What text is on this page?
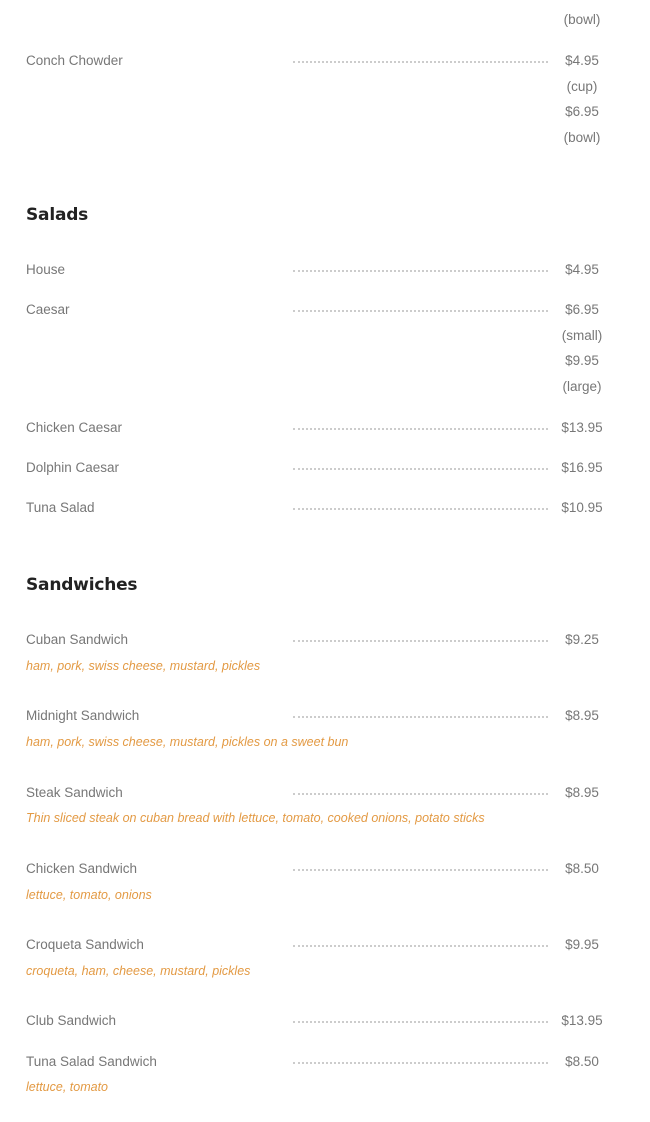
(bowl)
Conch Chowder	$4.95
(cup)
$6.95
(bowl)
Salads
House	$4.95
Caesar	$6.95
(small)
$9.95
(large)
Chicken Caesar	$13.95
Dolphin Caesar	$16.95
Tuna Salad	$10.95
Sandwiches
Cuban Sandwich	$9.25
ham, pork, swiss cheese, mustard, pickles
Midnight Sandwich	$8.95
ham, pork, swiss cheese, mustard, pickles on a sweet bun
Steak Sandwich	$8.95
Thin sliced steak on cuban bread with lettuce, tomato, cooked onions, potato sticks
Chicken Sandwich	$8.50
lettuce, tomato, onions
Croqueta Sandwich	$9.95
croqueta, ham, cheese, mustard, pickles
Club Sandwich	$13.95
Tuna Salad Sandwich	$8.50
lettuce, tomato
